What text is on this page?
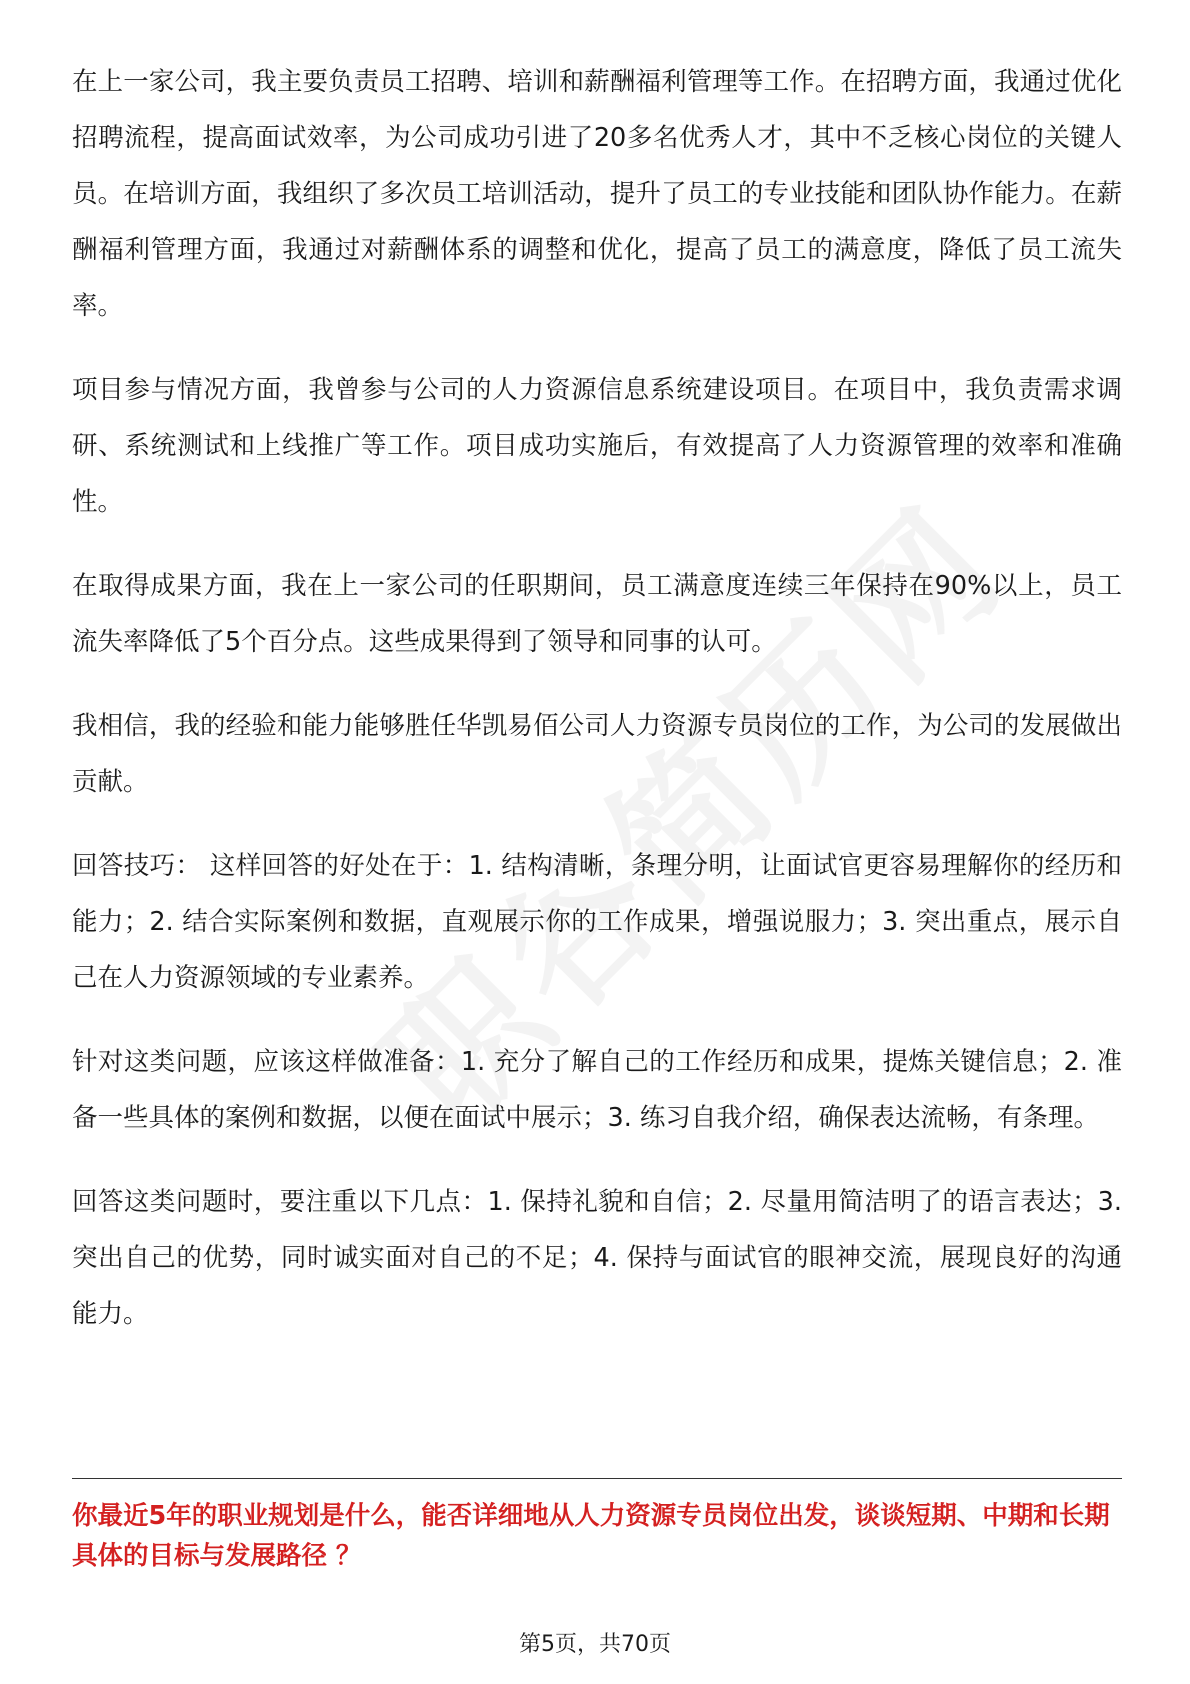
在上一家公司，我主要负责员工招聘、培训和薪酬福利管理等工作。在招聘方面，我通过优化招聘流程，提高面试效率，为公司成功引进了20多名优秀人才，其中不乏核心岗位的关键人员。在培训方面，我组织了多次员工培训活动，提升了员工的专业技能和团队协作能力。在薪酬福利管理方面，我通过对薪酬体系的调整和优化，提高了员工的满意度，降低了员工流失率。

项目参与情况方面，我曾参与公司的人力资源信息系统建设项目。在项目中，我负责需求调研、系统测试和上线推广等工作。项目成功实施后，有效提高了人力资源管理的效率和准确性。

在取得成果方面，我在上一家公司的任职期间，员工满意度连续三年保持在90%以上，员工流失率降低了5个百分点。这些成果得到了领导和同事的认可。

我相信，我的经验和能力能够胜任华凯易佰公司人力资源专员岗位的工作，为公司的发展做出贡献。

回答技巧： 这样回答的好处在于：1. 结构清晰，条理分明，让面试官更容易理解你的经历和能力；2. 结合实际案例和数据，直观展示你的工作成果，增强说服力；3. 突出重点，展示自己在人力资源领域的专业素养。

针对这类问题，应该这样做准备：1. 充分了解自己的工作经历和成果，提炼关键信息；2. 准备一些具体的案例和数据，以便在面试中展示；3. 练习自我介绍，确保表达流畅，有条理。

回答这类问题时，要注重以下几点：1. 保持礼貌和自信；2. 尽量用简洁明了的语言表达；3. 突出自己的优势，同时诚实面对自己的不足；4. 保持与面试官的眼神交流，展现良好的沟通能力。

你最近5年的职业规划是什么，能否详细地从人力资源专员岗位出发，谈谈短期、中期和长期具体的目标与发展路径 ？
第5页，共70页
